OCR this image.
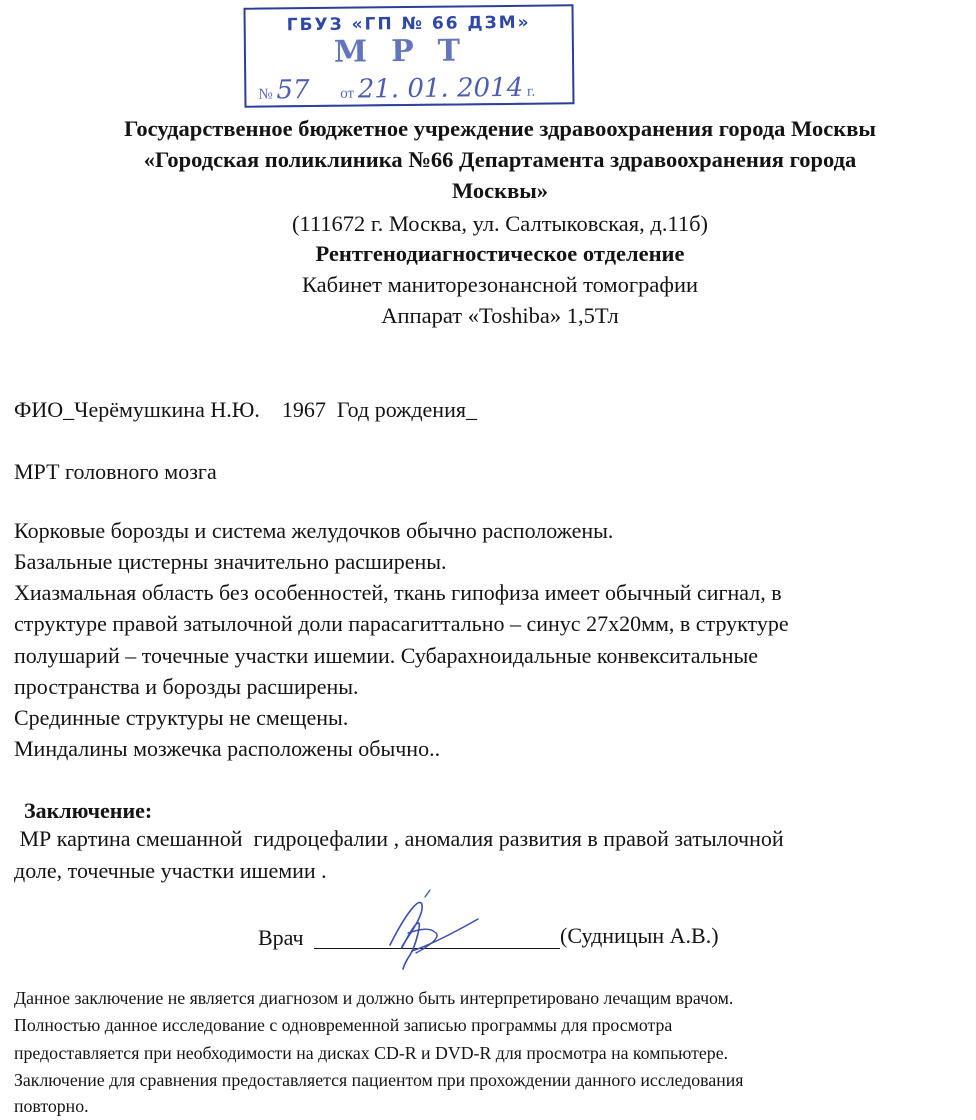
ГБУЗ «ГП № 66 ДЗМ»
МРТ
№ 57 от 21. 01. 2014 г.
Государственное бюджетное учреждение здравоохранения города Москвы
«Городская поликлиника №66 Департамента здравоохранения города
Москвы»
(111672 г. Москва, ул. Салтыковская, д.11б)
Рентгенодиагностическое отделение
Кабинет маниторезонансной томографии
Аппарат «Toshiba» 1,5Тл
ФИО_Черёмушкина Н.Ю.    1967  Год рождения_
МРТ головного мозга
Корковые борозды и система желудочков обычно расположены.
Базальные цистерны значительно расширены.
Хиазмальная область без особенностей, ткань гипофиза имеет обычный сигнал, в
структуре правой затылочной доли парасагиттально – синус 27х20мм, в структуре
полушарий – точечные участки ишемии. Субарахноидальные конвекситальные
пространства и борозды расширены.
Срединные структуры не смещены.
Миндалины мозжечка расположены обычно..
Заключение:
МР картина смешанной  гидроцефалии , аномалия развития в правой затылочной
доле, точечные участки ишемии .
Врач	(Судницын А.В.)
Данное заключение не является диагнозом и должно быть интерпретировано лечащим врачом.
Полностью данное исследование с одновременной записью программы для просмотра
предоставляется при необходимости на дисках CD-R и DVD-R для просмотра на компьютере.
Заключение для сравнения предоставляется пациентом при прохождении данного исследования
повторно.
